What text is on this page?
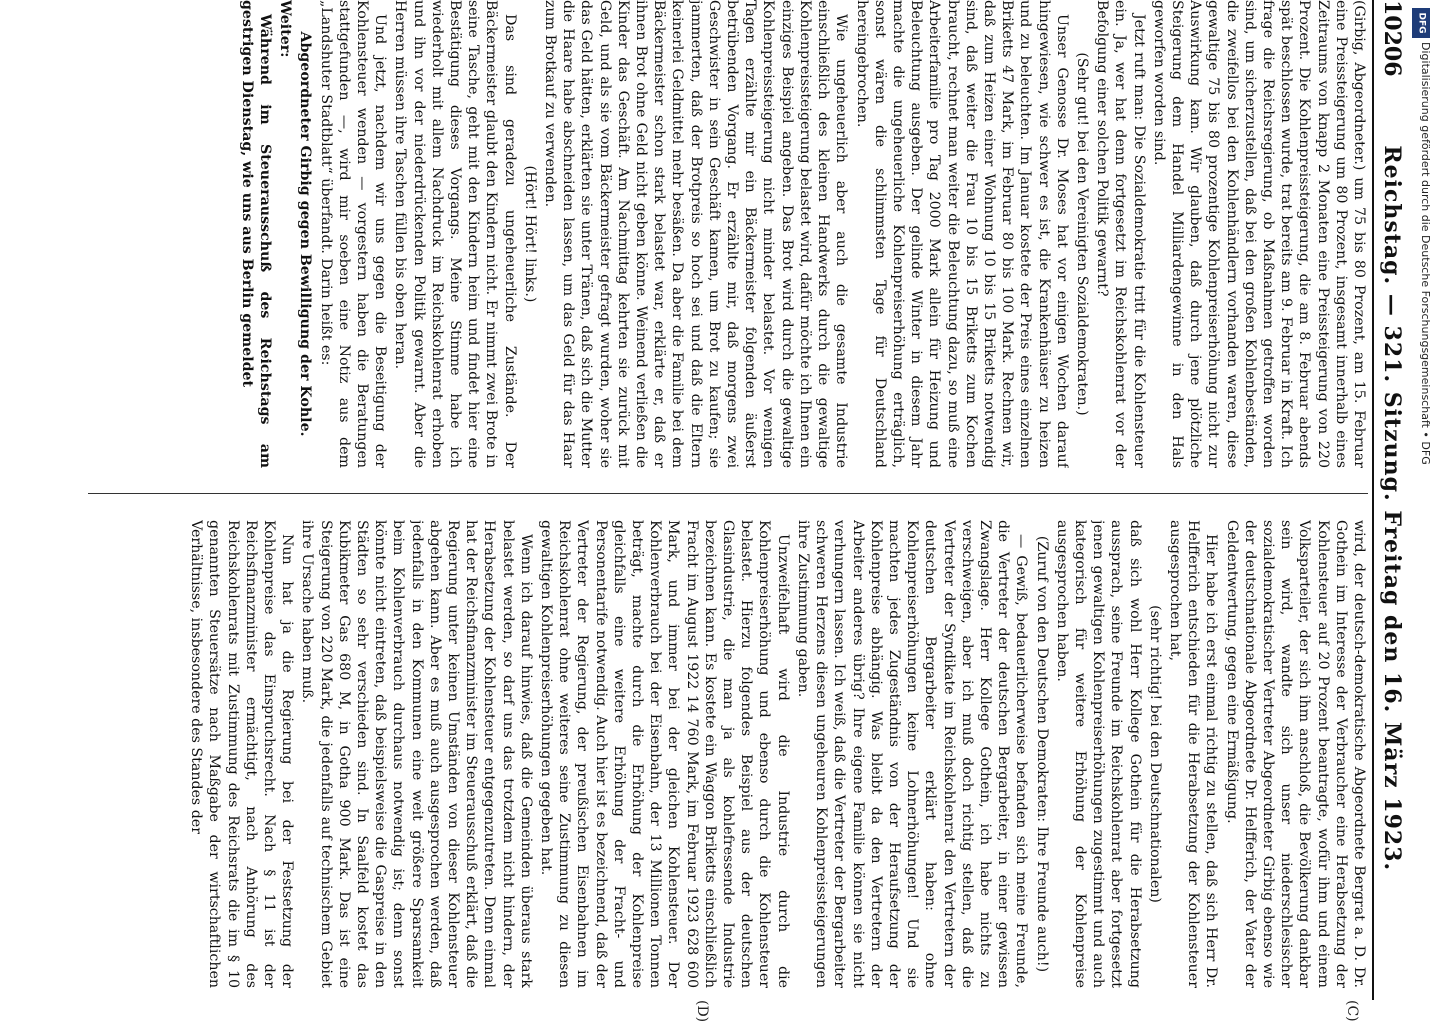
10206
Reichstag. — 321. Sitzung. Freitag den 16. März 1923.

(Girbig, Abgeordneter.) um 75 bis 80 Prozent, am 15. Februar eine Preissteigerung um 80 Prozent, insgesamt innerhalb eines Zeitraums von knapp 2 Monaten eine Preissteigerung von 220 Prozent. Die Kohlenpreissteigerung, die am 8. Februar abends spät beschlossen wurde, trat bereits am 9. Februar in Kraft. Ich frage die Reichsregierung, ob Maßnahmen getroffen worden sind, um sicherzustellen, daß bei den großen Kohlenbeständen, die zweifellos bei den Kohlenhändlern vorhanden waren, diese gewaltige 75 bis 80 prozentige Kohlenpreiserhöhung nicht zur Auswirkung kam. Wir glauben, daß durch jene plötzliche Steigerung dem Handel Milliardengewinne in den Hals geworfen worden sind.

Jetzt ruft man: Die Sozialdemokratie tritt für die Kohlensteuer ein. Ja, wer hat denn fortgesetzt im Reichskohlenrat vor der Befolgung einer solchen Politik gewarnt?

(Sehr gut! bei den Vereinigten Sozialdemokraten.)

Unser Genosse Dr. Moses hat vor einigen Wochen darauf hingewiesen, wie schwer es ist, die Krankenhäuser zu heizen und zu beleuchten. Im Januar kostete der Preis eines einzelnen Briketts 47 Mark, im Februar 80 bis 100 Mark. Rechnen wir, daß zum Heizen einer Wohnung 10 bis 15 Briketts notwendig sind, daß weiter die Frau 10 bis 15 Briketts zum Kochen braucht, rechnet man weiter die Beleuchtung dazu, so muß eine Arbeiterfamilie pro Tag 2000 Mark allein für Heizung und Beleuchtung ausgeben. Der gelinde Winter in diesem Jahr machte die ungeheuerliche Kohlenpreiserhöhung erträglich, sonst wären die schlimmsten Tage für Deutschland hereingebrochen.

Wie ungeheuerlich aber auch die gesamte Industrie einschließlich des kleinen Handwerks durch die gewaltige Kohlenpreissteigerung belastet wird, dafür möchte ich Ihnen ein einziges Beispiel angeben. Das Brot wird durch die gewaltige Kohlenpreissteigerung nicht minder belastet. Vor wenigen Tagen erzählte mir ein Bäckermeister folgenden äußerst betrübenden Vorgang. Er erzählte mir, daß morgens zwei Geschwister in sein Geschäft kamen, um Brot zu kaufen; sie jammerten, daß der Brotpreis so hoch sei und daß die Eltern keinerlei Geldmittel mehr besäßen. Da aber die Familie bei dem Bäckermeister schon stark belastet war, erklärte er, daß er ihnen Brot ohne Geld nicht geben könne. Weinend verließen die Kinder das Geschäft. Am Nachmittag kehrten sie zurück mit Geld, und als sie vom Bäckermeister gefragt wurden, woher sie das Geld hätten, erklärten sie unter Tränen, daß sich die Mutter die Haare habe abschneiden lassen, um das Geld für das Haar zum Brotkauf zu verwenden.

(Hört! Hört! links.)

Das sind geradezu ungeheuerliche Zustände. Der Bäckermeister glaubt den Kindern nicht. Er nimmt zwei Brote in seine Tasche, geht mit den Kindern heim und findet hier eine Bestätigung dieses Vorgangs. Meine Stimme habe ich wiederholt mit allem Nachdruck im Reichskohlenrat erhoben und ihn vor der niederdrückenden Politik gewarnt. Aber die Herren müssen ihre Taschen füllen bis oben heran.

Und jetzt, nachdem wir uns gegen die Beseitigung der Kohlensteuer wenden — vorgestern haben die Beratungen stattgefunden —, wird mir soeben eine Notiz aus dem „Landshuter Stadtblatt“ überfandt. Darin heißt es:

Abgeordneter Girbig gegen Bewilligung der Kohle.

Weiter:

Während im Steuerausschuß des Reichstags am gestrigen Dienstag, wie uns aus Berlin gemeldet

wird, der deutsch-demokratische Abgeordnete Bergrat a. D. Dr. Gothein im Interesse der Verbraucher eine Herabsetzung der Kohlensteuer auf 20 Prozent beantragte, wofür ihm und einem Volksparteiler, der sich ihm anschloß, die Bevölkerung dankbar sein wird, wandte sich unser niederschlesischer sozialdemokratischer Vertreter Abgeordneter Girbig ebenso wie der deutschnationale Abgeordnete Dr. Helfferich, der Vater der Geldentwertung, gegen eine Ermäßigung.

Hier habe ich erst einmal richtig zu stellen, daß sich Herr Dr. Helfferich entschieden für die Herabsetzung der Kohlensteuer ausgesprochen hat,

(sehr richtig! bei den Deutschnationalen)

daß sich wohl Herr Kollege Gothein für die Herabsetzung aussprach, seine Freunde im Reichskohlenrat aber fortgesetzt jenen gewaltigen Kohlenpreiserhöhungen zugestimmt und auch kategorisch für weitere Erhöhung der Kohlenpreise ausgesprochen haben.

(Zuruf von den Deutschen Demokraten: Ihre Freunde auch!)

— Gewiß, bedauerlicherweise befanden sich meine Freunde, die Vertreter der deutschen Bergarbeiter, in einer gewissen Zwangslage. Herr Kollege Gothein, ich habe nichts zu verschweigen, aber ich muß doch richtig stellen, daß die Vertreter der Syndikate im Reichskohlenrat den Vertretern der deutschen Bergarbeiter erklärt haben: ohne Kohlenpreiserhöhungen keine Lohnerhöhungen! Und sie machten jedes Zugeständnis von der Heraufsetzung der Kohlenpreise abhängig. Was bleibt da den Vertretern der Arbeiter anderes übrig? Ihre eigene Familie können sie nicht verhungern lassen. Ich weiß, daß die Vertreter der Bergarbeiter schweren Herzens diesen ungeheuren Kohlenpreissteigerungen ihre Zustimmung gaben.

Unzweifelhaft wird die Industrie durch die Kohlenpreiserhöhung und ebenso durch die Kohlensteuer belastet. Hierzu folgendes Beispiel aus der deutschen Glasindustrie, die man ja als kohlefressende Industrie bezeichnen kann. Es kostete ein Waggon Briketts einschließlich Fracht im August 1922 14 760 Mark, im Februar 1923 628 600 Mark, und immer bei der gleichen Kohlensteuer. Der Kohlenverbrauch bei der Eisenbahn, der 13 Millionen Tonnen beträgt, machte durch die Erhöhung der Kohlenpreise gleichfalls eine weitere Erhöhung der Fracht- und Personentarife notwendig. Auch hier ist es bezeichnend, daß der Vertreter der Regierung, der preußischen Eisenbahnen im Reichskohlenrat ohne weiteres seine Zustimmung zu diesen gewaltigen Kohlenpreiserhöhungen gegeben hat.

Wenn ich darauf hinwies, daß die Gemeinden überaus stark belastet werden, so darf uns das trotzdem nicht hindern, der Herabsetzung der Kohlensteuer entgegenzutreten. Denn einmal hat der Reichsfinanzminister im Steuerausschuß erklärt, daß die Regierung unter keinen Umständen von dieser Kohlensteuer abgehen kann. Aber es muß auch ausgesprochen werden, daß jedenfalls in den Kommunen eine weit größere Sparsamkeit beim Kohlenverbrauch durchaus notwendig ist; denn sonst könnte nicht eintreten, daß beispielsweise die Gaspreise in den Städten so sehr verschieden sind. In Saalfeld kostet das Kubikmeter Gas 680 M, in Gotha 900 Mark. Das ist eine Steigerung von 220 Mark, die jedenfalls auf technischem Gebiet ihre Ursache haben muß.

Nun hat ja die Regierung bei der Festsetzung der Kohlenpreise das Einspruchsrecht. Nach § 11 ist der Reichsfinanzminister ermächtigt, nach Anhörung des Reichskohlenrats mit Zustimmung des Reichsrats die im § 10 genannten Steuersätze nach Maßgabe der wirtschaftlichen Verhältnisse, insbesondere des Standes der

(C)
(D)
DFG
Digitalisierung gefördert durch die Deutsche Forschungsgemeinschaft • DFG
